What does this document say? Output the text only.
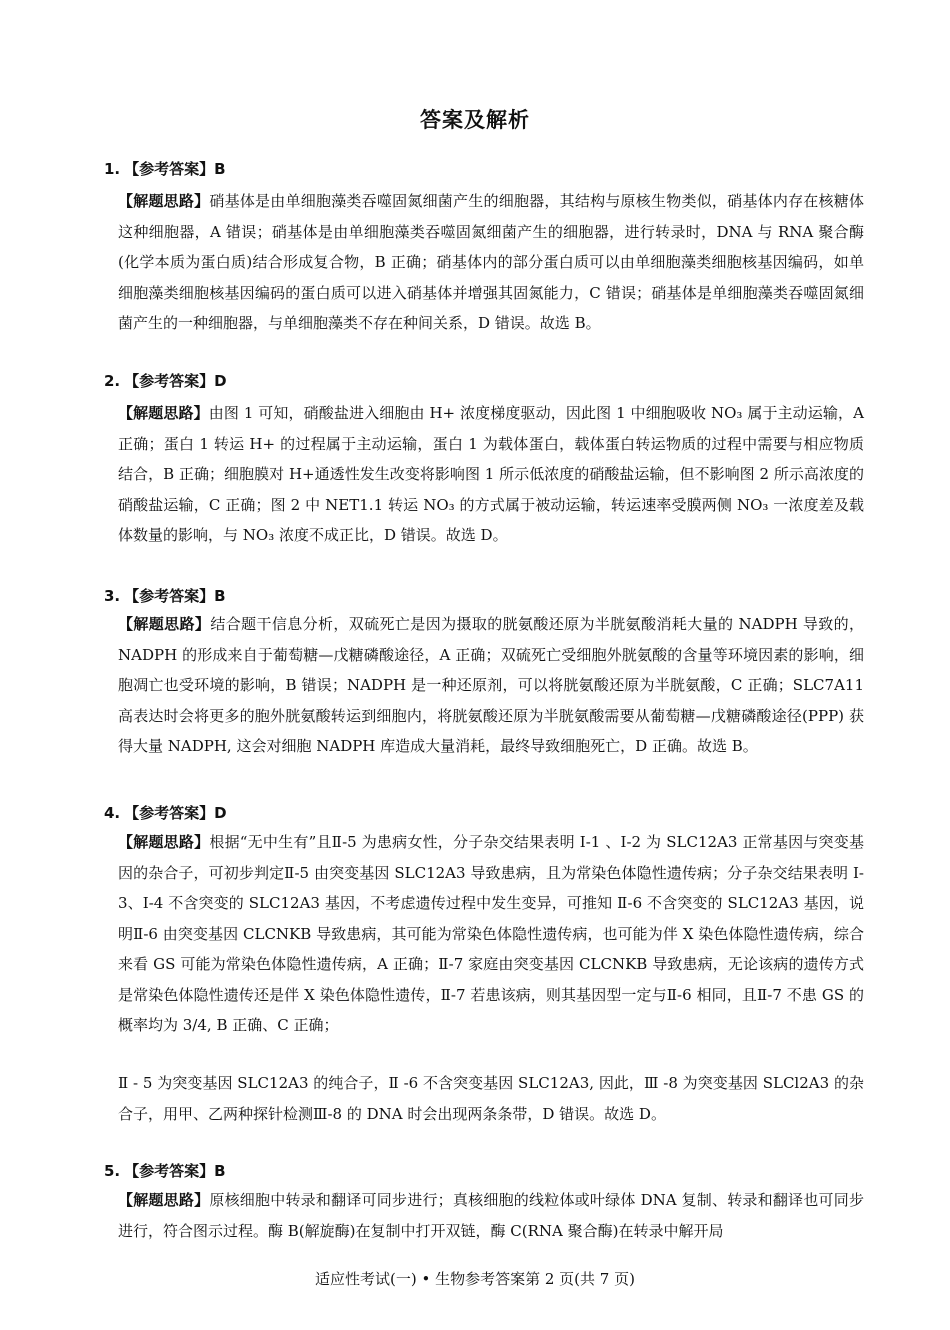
答案及解析
1. 【参考答案】B
【解题思路】硝基体是由单细胞藻类吞噬固氮细菌产生的细胞器，其结构与原核生物类似，硝基体内存在核糖体这种细胞器，A 错误；硝基体是由单细胞藻类吞噬固氮细菌产生的细胞器，进行转录时，DNA 与 RNA 聚合酶(化学本质为蛋白质)结合形成复合物，B 正确；硝基体内的部分蛋白质可以由单细胞藻类细胞核基因编码，如单细胞藻类细胞核基因编码的蛋白质可以进入硝基体并增强其固氮能力，C 错误；硝基体是单细胞藻类吞噬固氮细菌产生的一种细胞器，与单细胞藻类不存在种间关系，D 错误。故选 B。
2. 【参考答案】D
【解题思路】由图 1 可知，硝酸盐进入细胞由 H+ 浓度梯度驱动，因此图 1 中细胞吸收 NO₃ 属于主动运输，A 正确；蛋白 1 转运 H+ 的过程属于主动运输，蛋白 1 为载体蛋白，载体蛋白转运物质的过程中需要与相应物质结合，B 正确；细胞膜对 H+通透性发生改变将影响图 1 所示低浓度的硝酸盐运输，但不影响图 2 所示高浓度的硝酸盐运输，C 正确；图 2 中 NET1.1 转运 NO₃ 的方式属于被动运输，转运速率受膜两侧 NO₃ 一浓度差及载体数量的影响，与 NO₃ 浓度不成正比，D 错误。故选 D。
3. 【参考答案】B
【解题思路】结合题干信息分析，双硫死亡是因为摄取的胱氨酸还原为半胱氨酸消耗大量的 NADPH 导致的，NADPH 的形成来自于葡萄糖—戊糖磷酸途径，A 正确；双硫死亡受细胞外胱氨酸的含量等环境因素的影响，细胞凋亡也受环境的影响，B 错误；NADPH 是一种还原剂，可以将胱氨酸还原为半胱氨酸，C 正确；SLC7A11 高表达时会将更多的胞外胱氨酸转运到细胞内，将胱氨酸还原为半胱氨酸需要从葡萄糖—戊糖磷酸途径(PPP) 获得大量 NADPH, 这会对细胞 NADPH 库造成大量消耗，最终导致细胞死亡，D 正确。故选 B。
4. 【参考答案】D
【解题思路】根据“无中生有”且Ⅱ-5 为患病女性，分子杂交结果表明 I-1 、I-2 为 SLC12A3 正常基因与突变基因的杂合子，可初步判定Ⅱ-5 由突变基因 SLC12A3 导致患病，且为常染色体隐性遗传病；分子杂交结果表明 I-3、I-4 不含突变的 SLC12A3 基因，不考虑遗传过程中发生变异，可推知 Ⅱ-6 不含突变的 SLC12A3 基因，说明Ⅱ-6 由突变基因 CLCNKB 导致患病，其可能为常染色体隐性遗传病，也可能为伴 X 染色体隐性遗传病，综合来看 GS 可能为常染色体隐性遗传病，A 正确；Ⅱ-7 家庭由突变基因 CLCNKB 导致患病，无论该病的遗传方式是常染色体隐性遗传还是伴 X 染色体隐性遗传，Ⅱ-7 若患该病，则其基因型一定与Ⅱ-6 相同，且Ⅱ-7 不患 GS 的概率均为 3/4, B 正确、C 正确；
Ⅱ - 5 为突变基因 SLC12A3 的纯合子，Ⅱ -6 不含突变基因 SLC12A3, 因此，Ⅲ -8 为突变基因 SLCl2A3 的杂合子，用甲、乙两种探针检测Ⅲ-8 的 DNA 时会出现两条条带，D 错误。故选 D。
5. 【参考答案】B
【解题思路】原核细胞中转录和翻译可同步进行；真核细胞的线粒体或叶绿体 DNA 复制、转录和翻译也可同步进行，符合图示过程。酶 B(解旋酶)在复制中打开双链，酶 C(RNA 聚合酶)在转录中解开局
适应性考试(一) • 生物参考答案第 2 页(共 7 页)
